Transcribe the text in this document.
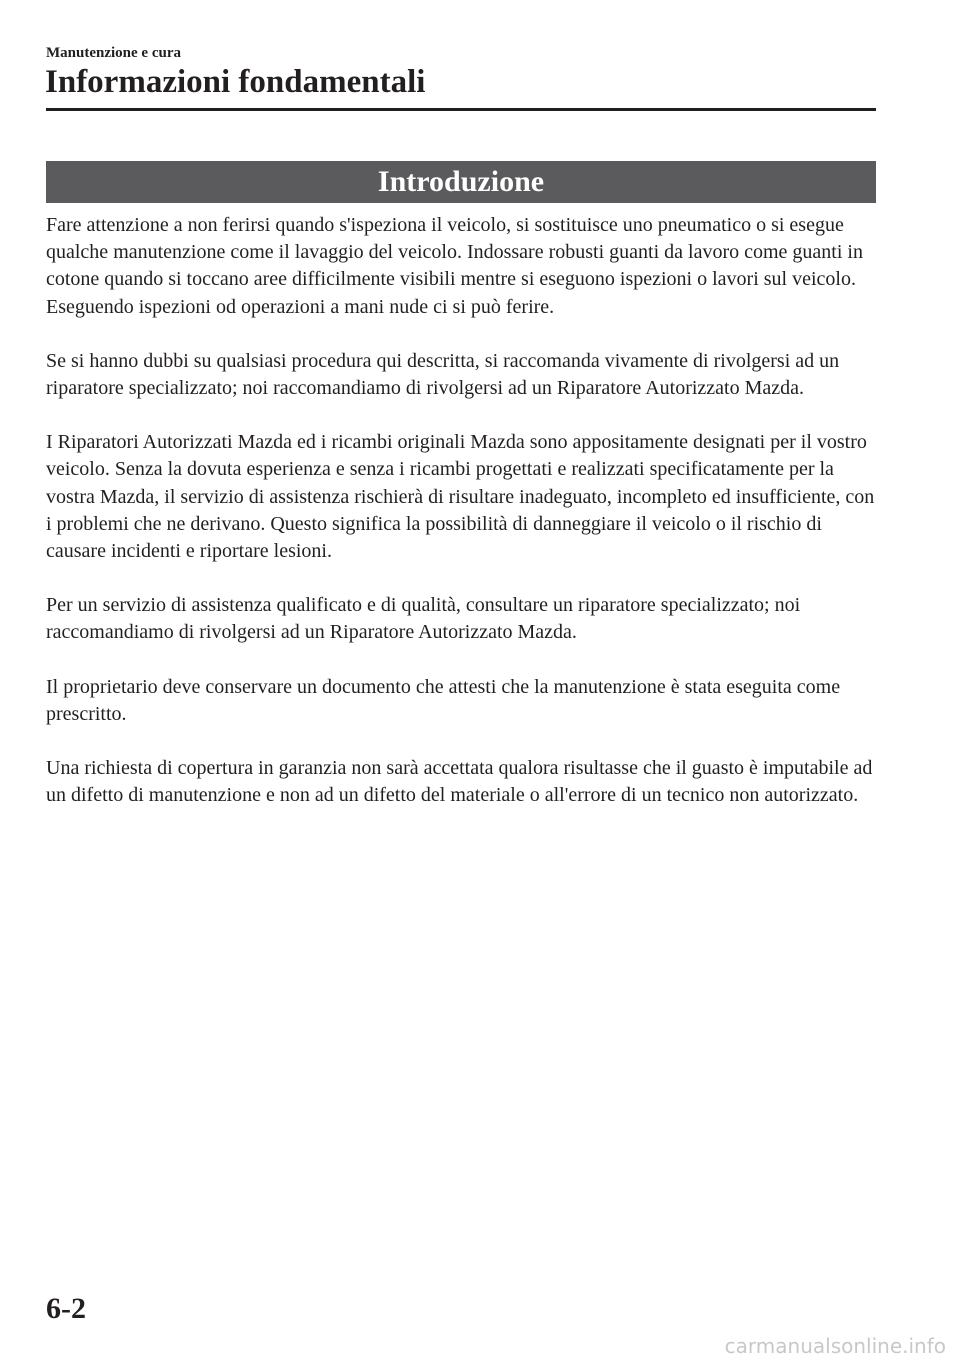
Manutenzione e cura
Informazioni fondamentali
Introduzione

Fare attenzione a non ferirsi quando s'ispeziona il veicolo, si sostituisce uno pneumatico o si esegue qualche manutenzione come il lavaggio del veicolo. Indossare robusti guanti da lavoro come guanti in cotone quando si toccano aree difficilmente visibili mentre si eseguono ispezioni o lavori sul veicolo. Eseguendo ispezioni od operazioni a mani nude ci si può ferire.

Se si hanno dubbi su qualsiasi procedura qui descritta, si raccomanda vivamente di rivolgersi ad un riparatore specializzato; noi raccomandiamo di rivolgersi ad un Riparatore Autorizzato Mazda.

I Riparatori Autorizzati Mazda ed i ricambi originali Mazda sono appositamente designati per il vostro veicolo. Senza la dovuta esperienza e senza i ricambi progettati e realizzati specificatamente per la vostra Mazda, il servizio di assistenza rischierà di risultare inadeguato, incompleto ed insufficiente, con i problemi che ne derivano. Questo significa la possibilità di danneggiare il veicolo o il rischio di causare incidenti e riportare lesioni.

Per un servizio di assistenza qualificato e di qualità, consultare un riparatore specializzato; noi raccomandiamo di rivolgersi ad un Riparatore Autorizzato Mazda.

Il proprietario deve conservare un documento che attesti che la manutenzione è stata eseguita come prescritto.

Una richiesta di copertura in garanzia non sarà accettata qualora risultasse che il guasto è imputabile ad un difetto di manutenzione e non ad un difetto del materiale o all'errore di un tecnico non autorizzato.

6-2
carmanualsonline.info
